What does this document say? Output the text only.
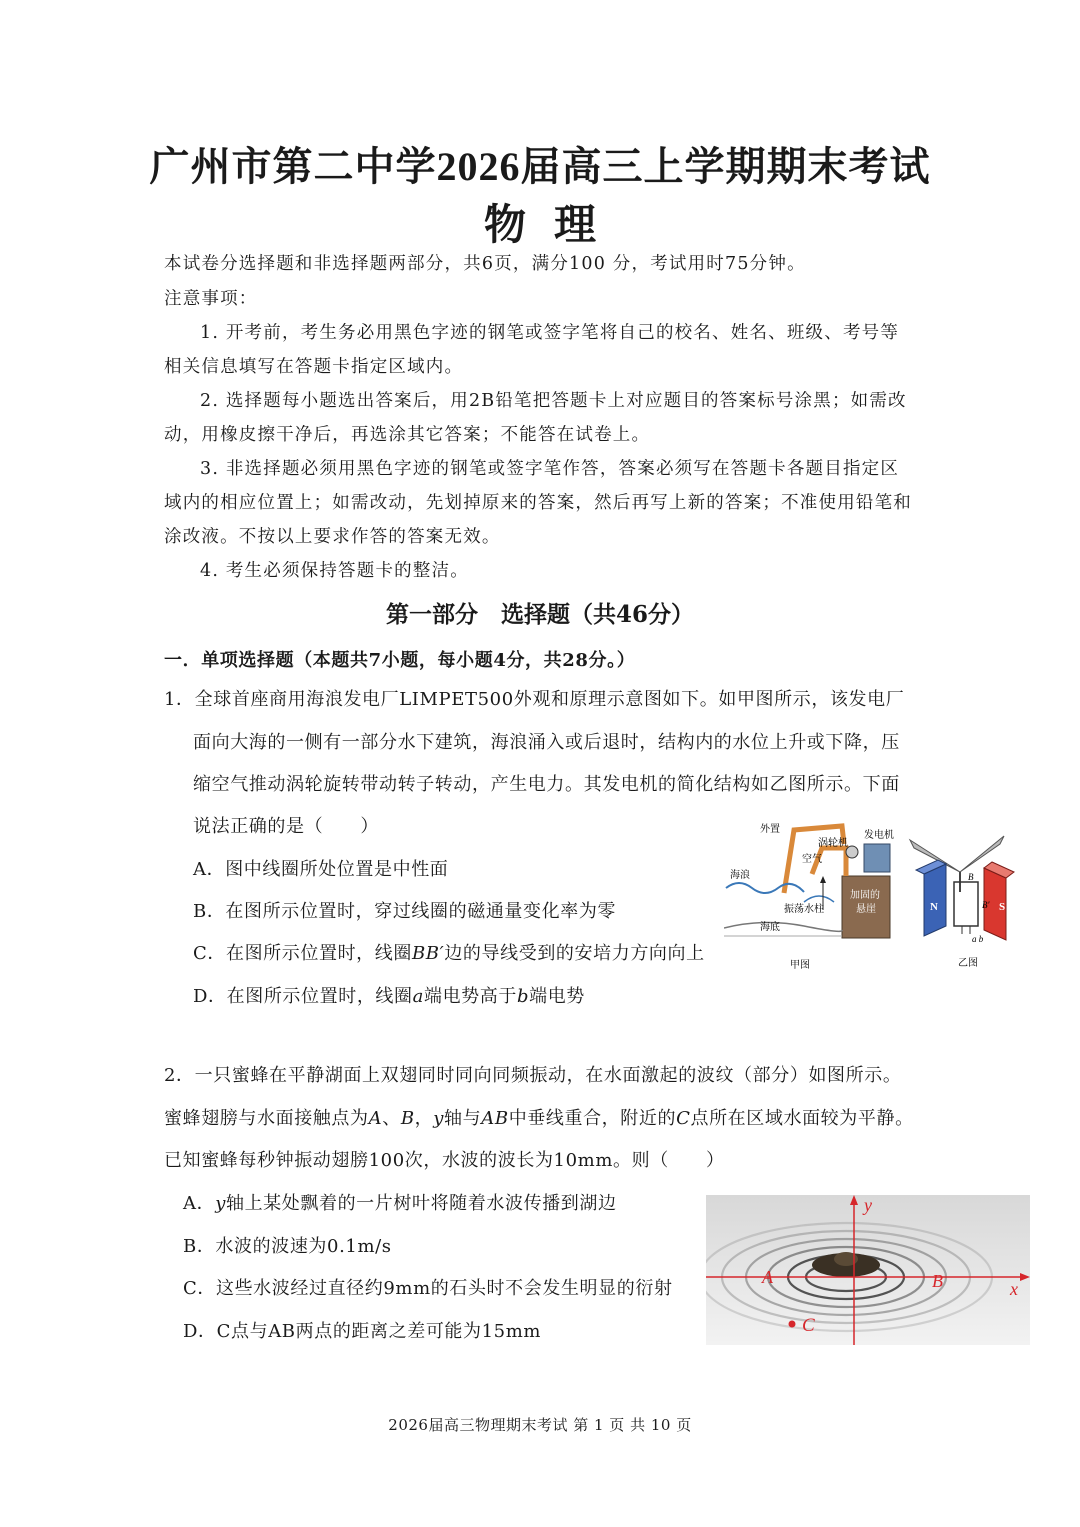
广州市第二中学2026届高三上学期期末考试
物理
本试卷分选择题和非选择题两部分，共6页，满分100 分，考试用时75分钟。
注意事项：
1. 开考前，考生务必用黑色字迹的钢笔或签字笔将自己的校名、姓名、班级、考号等
相关信息填写在答题卡指定区域内。
2. 选择题每小题选出答案后，用2B铅笔把答题卡上对应题目的答案标号涂黑；如需改
动，用橡皮擦干净后，再选涂其它答案；不能答在试卷上。
3. 非选择题必须用黑色字迹的钢笔或签字笔作答，答案必须写在答题卡各题目指定区
域内的相应位置上；如需改动，先划掉原来的答案，然后再写上新的答案；不准使用铅笔和
涂改液。不按以上要求作答的答案无效。
4. 考生必须保持答题卡的整洁。
第一部分　选择题（共46分）
一．单项选择题（本题共7小题，每小题4分，共28分。）
1．全球首座商用海浪发电厂LIMPET500外观和原理示意图如下。如甲图所示，该发电厂
面向大海的一侧有一部分水下建筑，海浪涌入或后退时，结构内的水位上升或下降，压
缩空气推动涡轮旋转带动转子转动，产生电力。其发电机的简化结构如乙图所示。下面
说法正确的是（　　）
A．图中线圈所处位置是中性面
B．在图所示位置时，穿过线圈的磁通量变化率为零
C．在图所示位置时，线圈BB′边的导线受到的安培力方向向上
D．在图所示位置时，线圈a端电势高于b端电势
外置
涡轮机
空气
发电机
海浪
加固的
悬崖
振荡水柱
海底
甲图
N	S
B
B′
a b
乙图
2．一只蜜蜂在平静湖面上双翅同时同向同频振动，在水面激起的波纹（部分）如图所示。
蜜蜂翅膀与水面接触点为A、B，y轴与AB中垂线重合，附近的C点所在区域水面较为平静。
已知蜜蜂每秒钟振动翅膀100次，水波的波长为10mm。则（　　）
A．y轴上某处飘着的一片树叶将随着水波传播到湖边
B．水波的波速为0.1m/s
C．这些水波经过直径约9mm的石头时不会发生明显的衍射
D．C点与AB两点的距离之差可能为15mm
y
x
A	B
C
2026届高三物理期末考试 第 1 页 共 10 页
